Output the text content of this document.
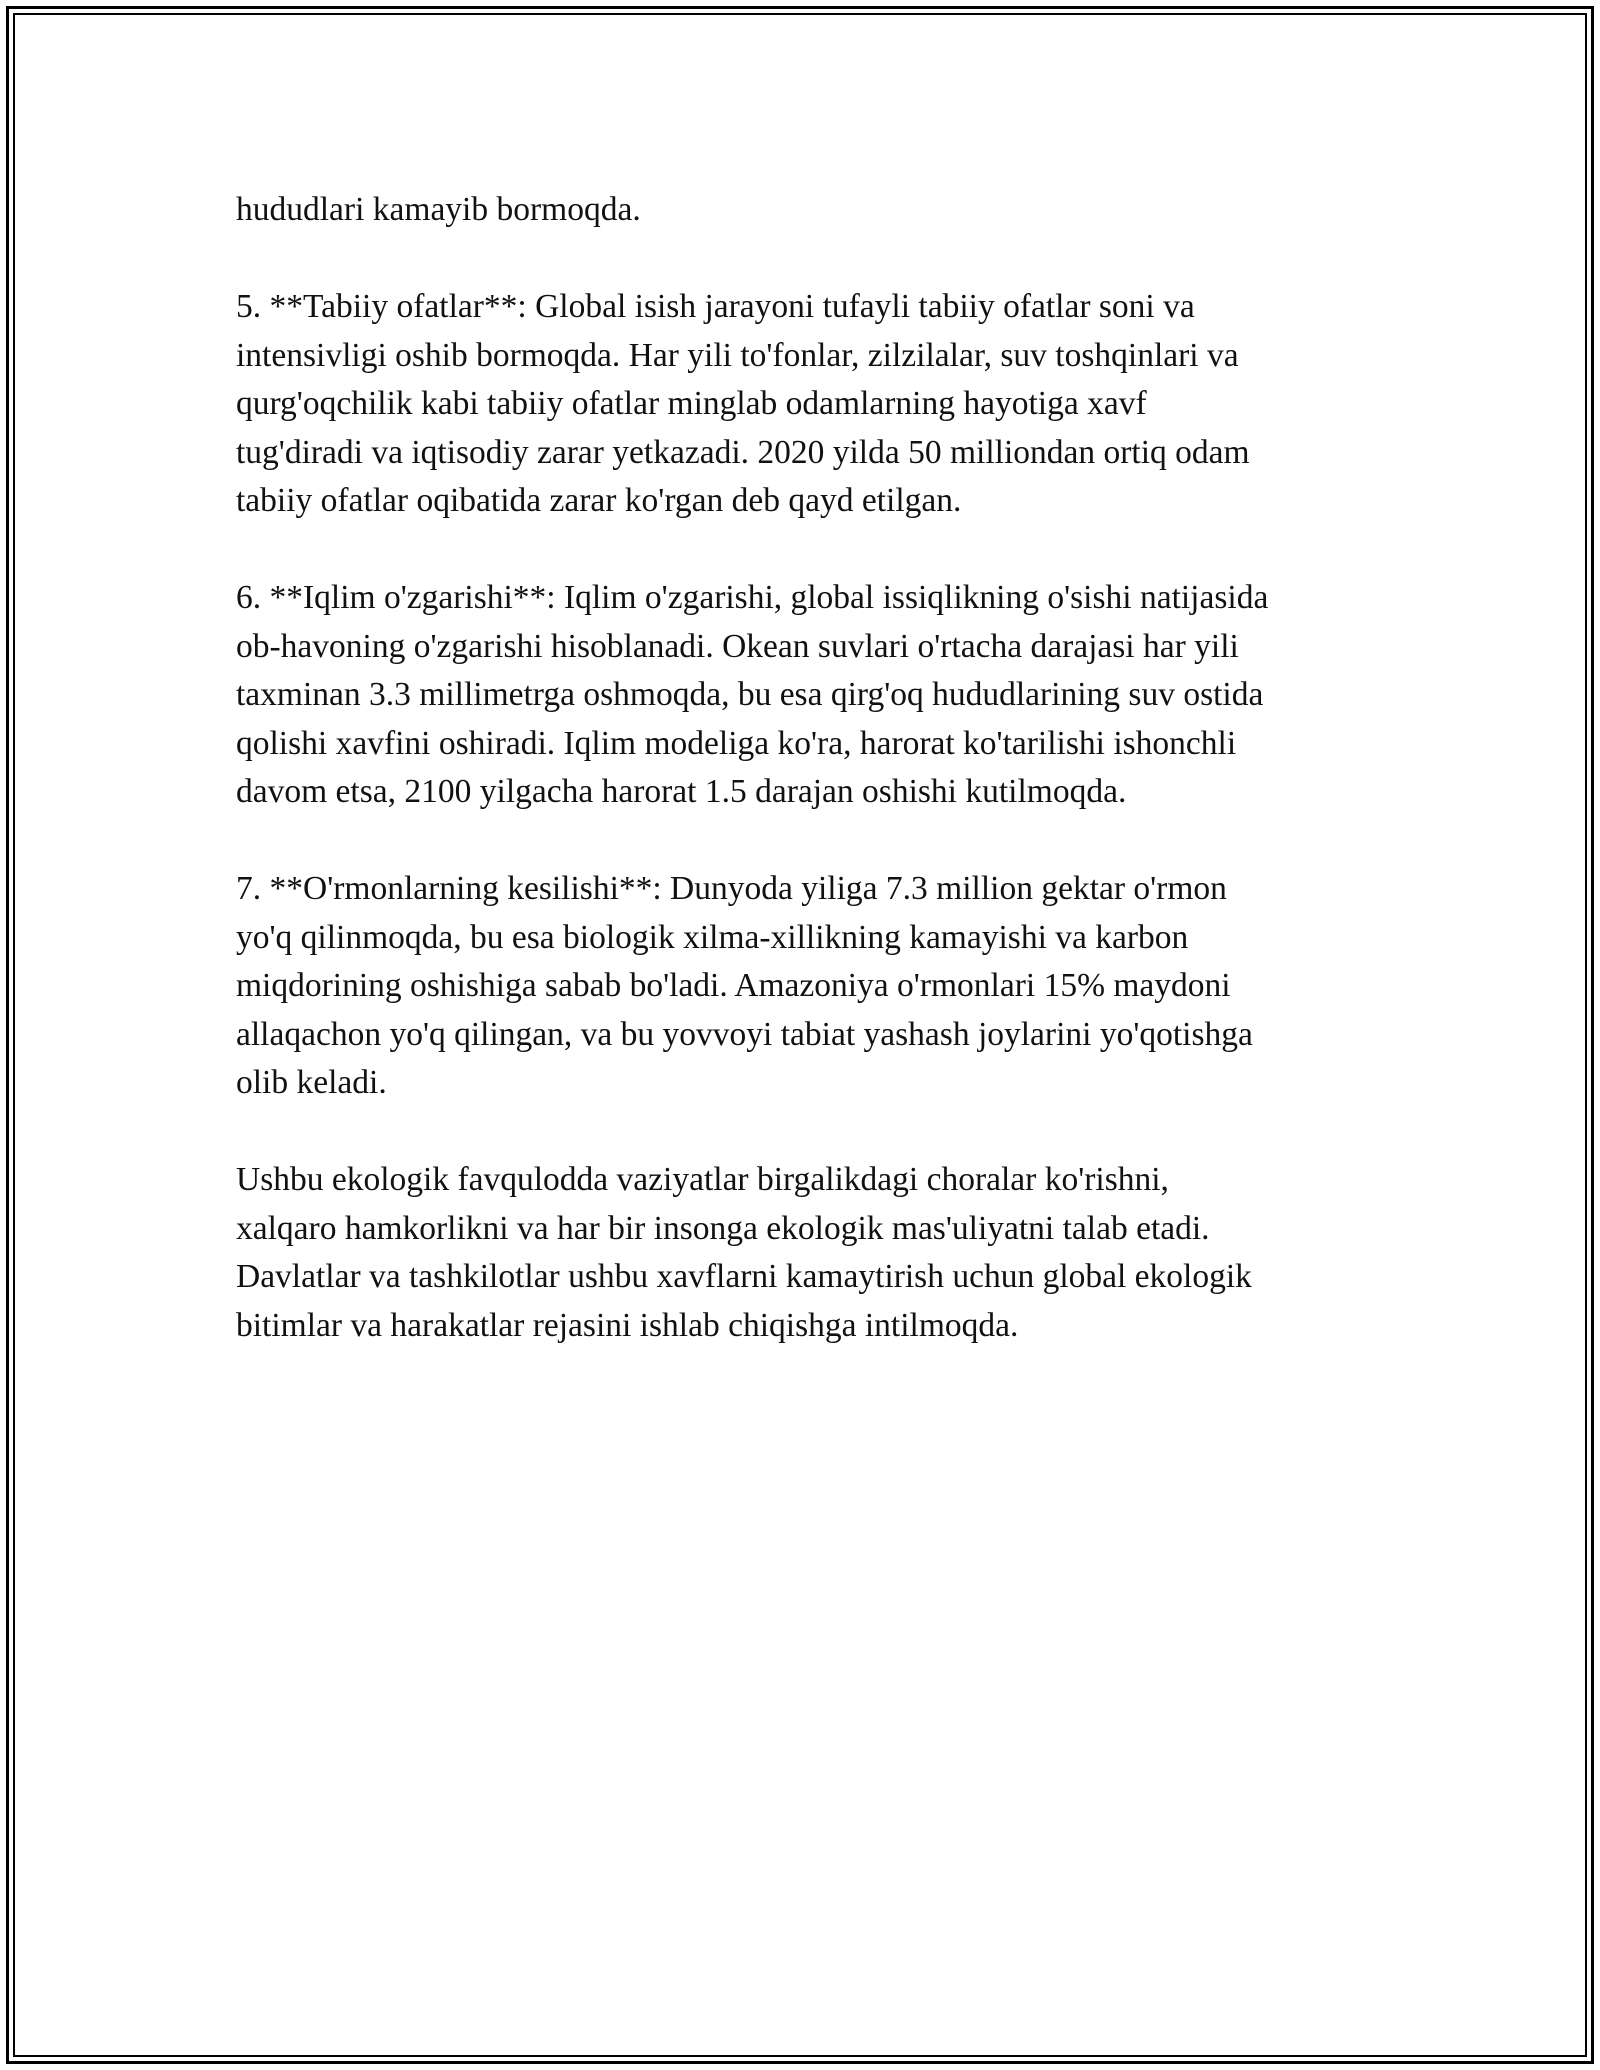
hududlari kamayib bormoqda.
5. **Tabiiy ofatlar**: Global isish jarayoni tufayli tabiiy ofatlar soni va
intensivligi oshib bormoqda. Har yili to'fonlar, zilzilalar, suv toshqinlari va
qurg'oqchilik kabi tabiiy ofatlar minglab odamlarning hayotiga xavf
tug'diradi va iqtisodiy zarar yetkazadi. 2020 yilda 50 milliondan ortiq odam
tabiiy ofatlar oqibatida zarar ko'rgan deb qayd etilgan.
6. **Iqlim o'zgarishi**: Iqlim o'zgarishi, global issiqlikning o'sishi natijasida
ob-havoning o'zgarishi hisoblanadi. Okean suvlari o'rtacha darajasi har yili
taxminan 3.3 millimetrga oshmoqda, bu esa qirg'oq hududlarining suv ostida
qolishi xavfini oshiradi. Iqlim modeliga ko'ra, harorat ko'tarilishi ishonchli
davom etsa, 2100 yilgacha harorat 1.5 darajan oshishi kutilmoqda.
7. **O'rmonlarning kesilishi**: Dunyoda yiliga 7.3 million gektar o'rmon
yo'q qilinmoqda, bu esa biologik xilma-xillikning kamayishi va karbon
miqdorining oshishiga sabab bo'ladi. Amazoniya o'rmonlari 15% maydoni
allaqachon yo'q qilingan, va bu yovvoyi tabiat yashash joylarini yo'qotishga
olib keladi.
Ushbu ekologik favqulodda vaziyatlar birgalikdagi choralar ko'rishni,
xalqaro hamkorlikni va har bir insonga ekologik mas'uliyatni talab etadi.
Davlatlar va tashkilotlar ushbu xavflarni kamaytirish uchun global ekologik
bitimlar va harakatlar rejasini ishlab chiqishga intilmoqda.
